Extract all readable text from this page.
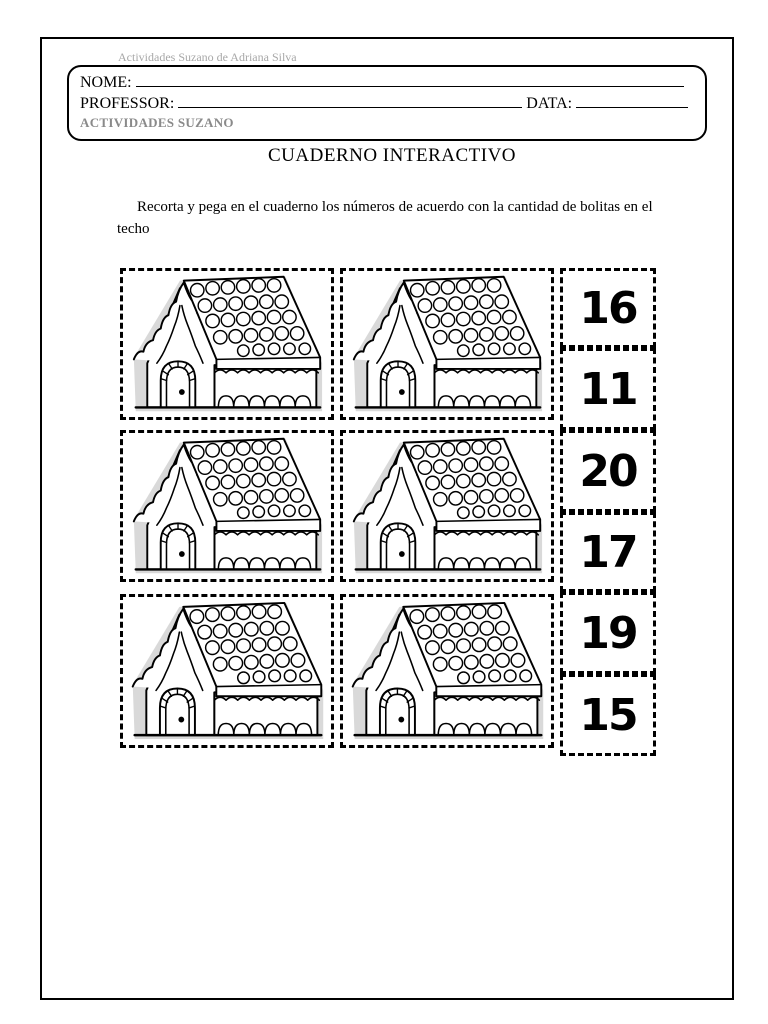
Actividades Suzano de Adriana Silva
NOME:
PROFESSOR:	DATA:
ACTIVIDADES SUZANO
CUADERNO INTERACTIVO
Recorta y pega en el cuaderno los números de acuerdo con la cantidad de bolitas en el techo
16
11
20
17
19
15
